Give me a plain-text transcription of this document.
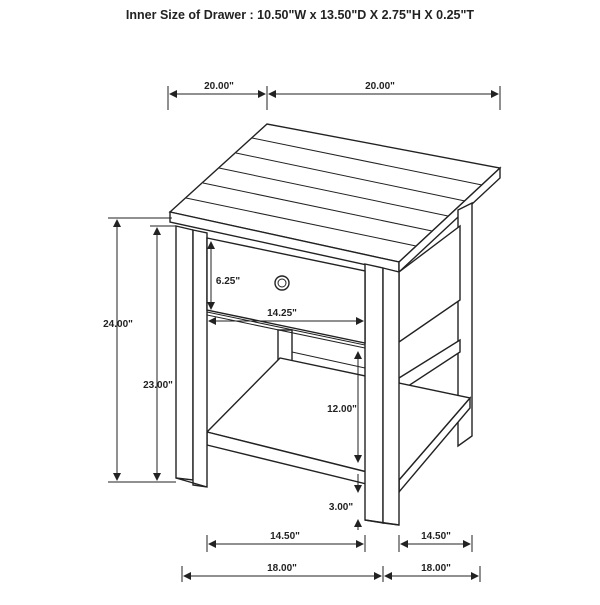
Inner Size of Drawer : 10.50"W x 13.50"D X 2.75"H X 0.25"T
20.00"	20.00"
24.00"
23.00"
6.25"
14.25"
12.00"
3.00"
14.50"	14.50"
18.00"	18.00"
